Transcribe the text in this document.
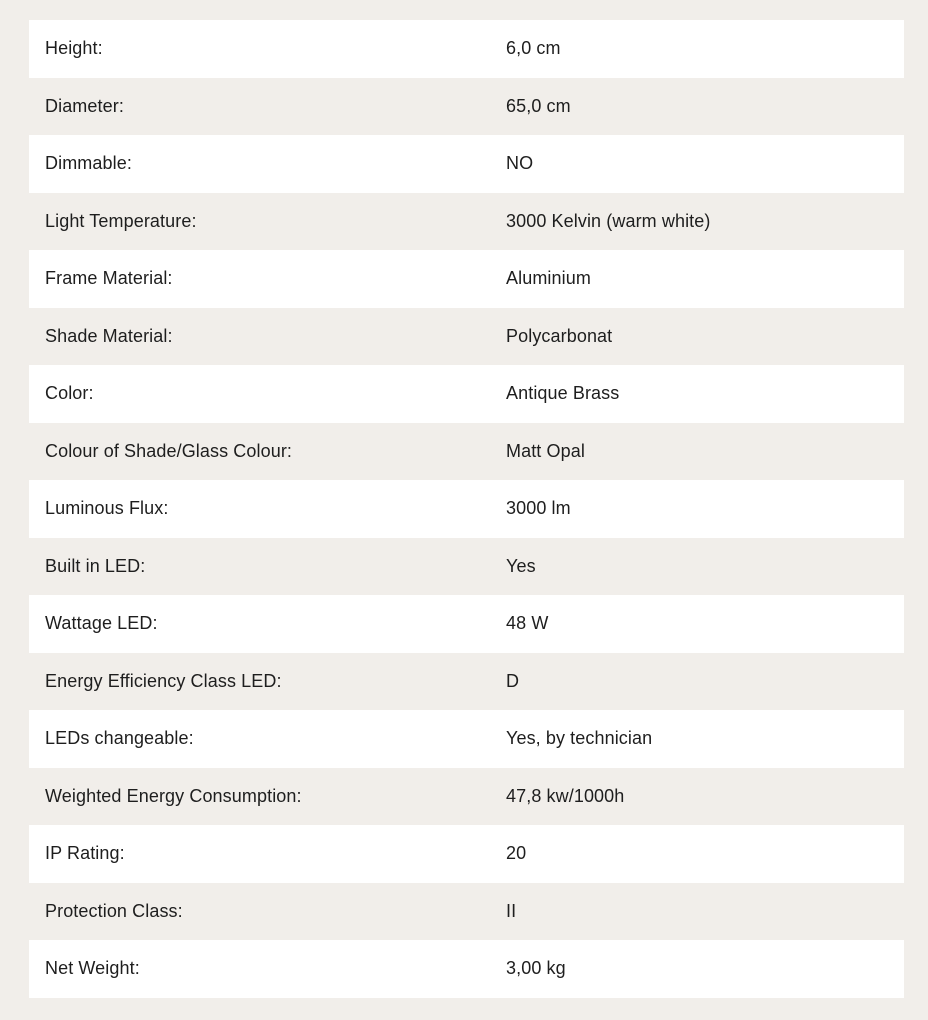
Height:	6,0 cm
Diameter:	65,0 cm
Dimmable:	NO
Light Temperature:	3000 Kelvin (warm white)
Frame Material:	Aluminium
Shade Material:	Polycarbonat
Color:	Antique Brass
Colour of Shade/Glass Colour:	Matt Opal
Luminous Flux:	3000 lm
Built in LED:	Yes
Wattage LED:	48 W
Energy Efficiency Class LED:	D
LEDs changeable:	Yes, by technician
Weighted Energy Consumption:	47,8 kw/1000h
IP Rating:	20
Protection Class:	II
Net Weight:	3,00 kg
